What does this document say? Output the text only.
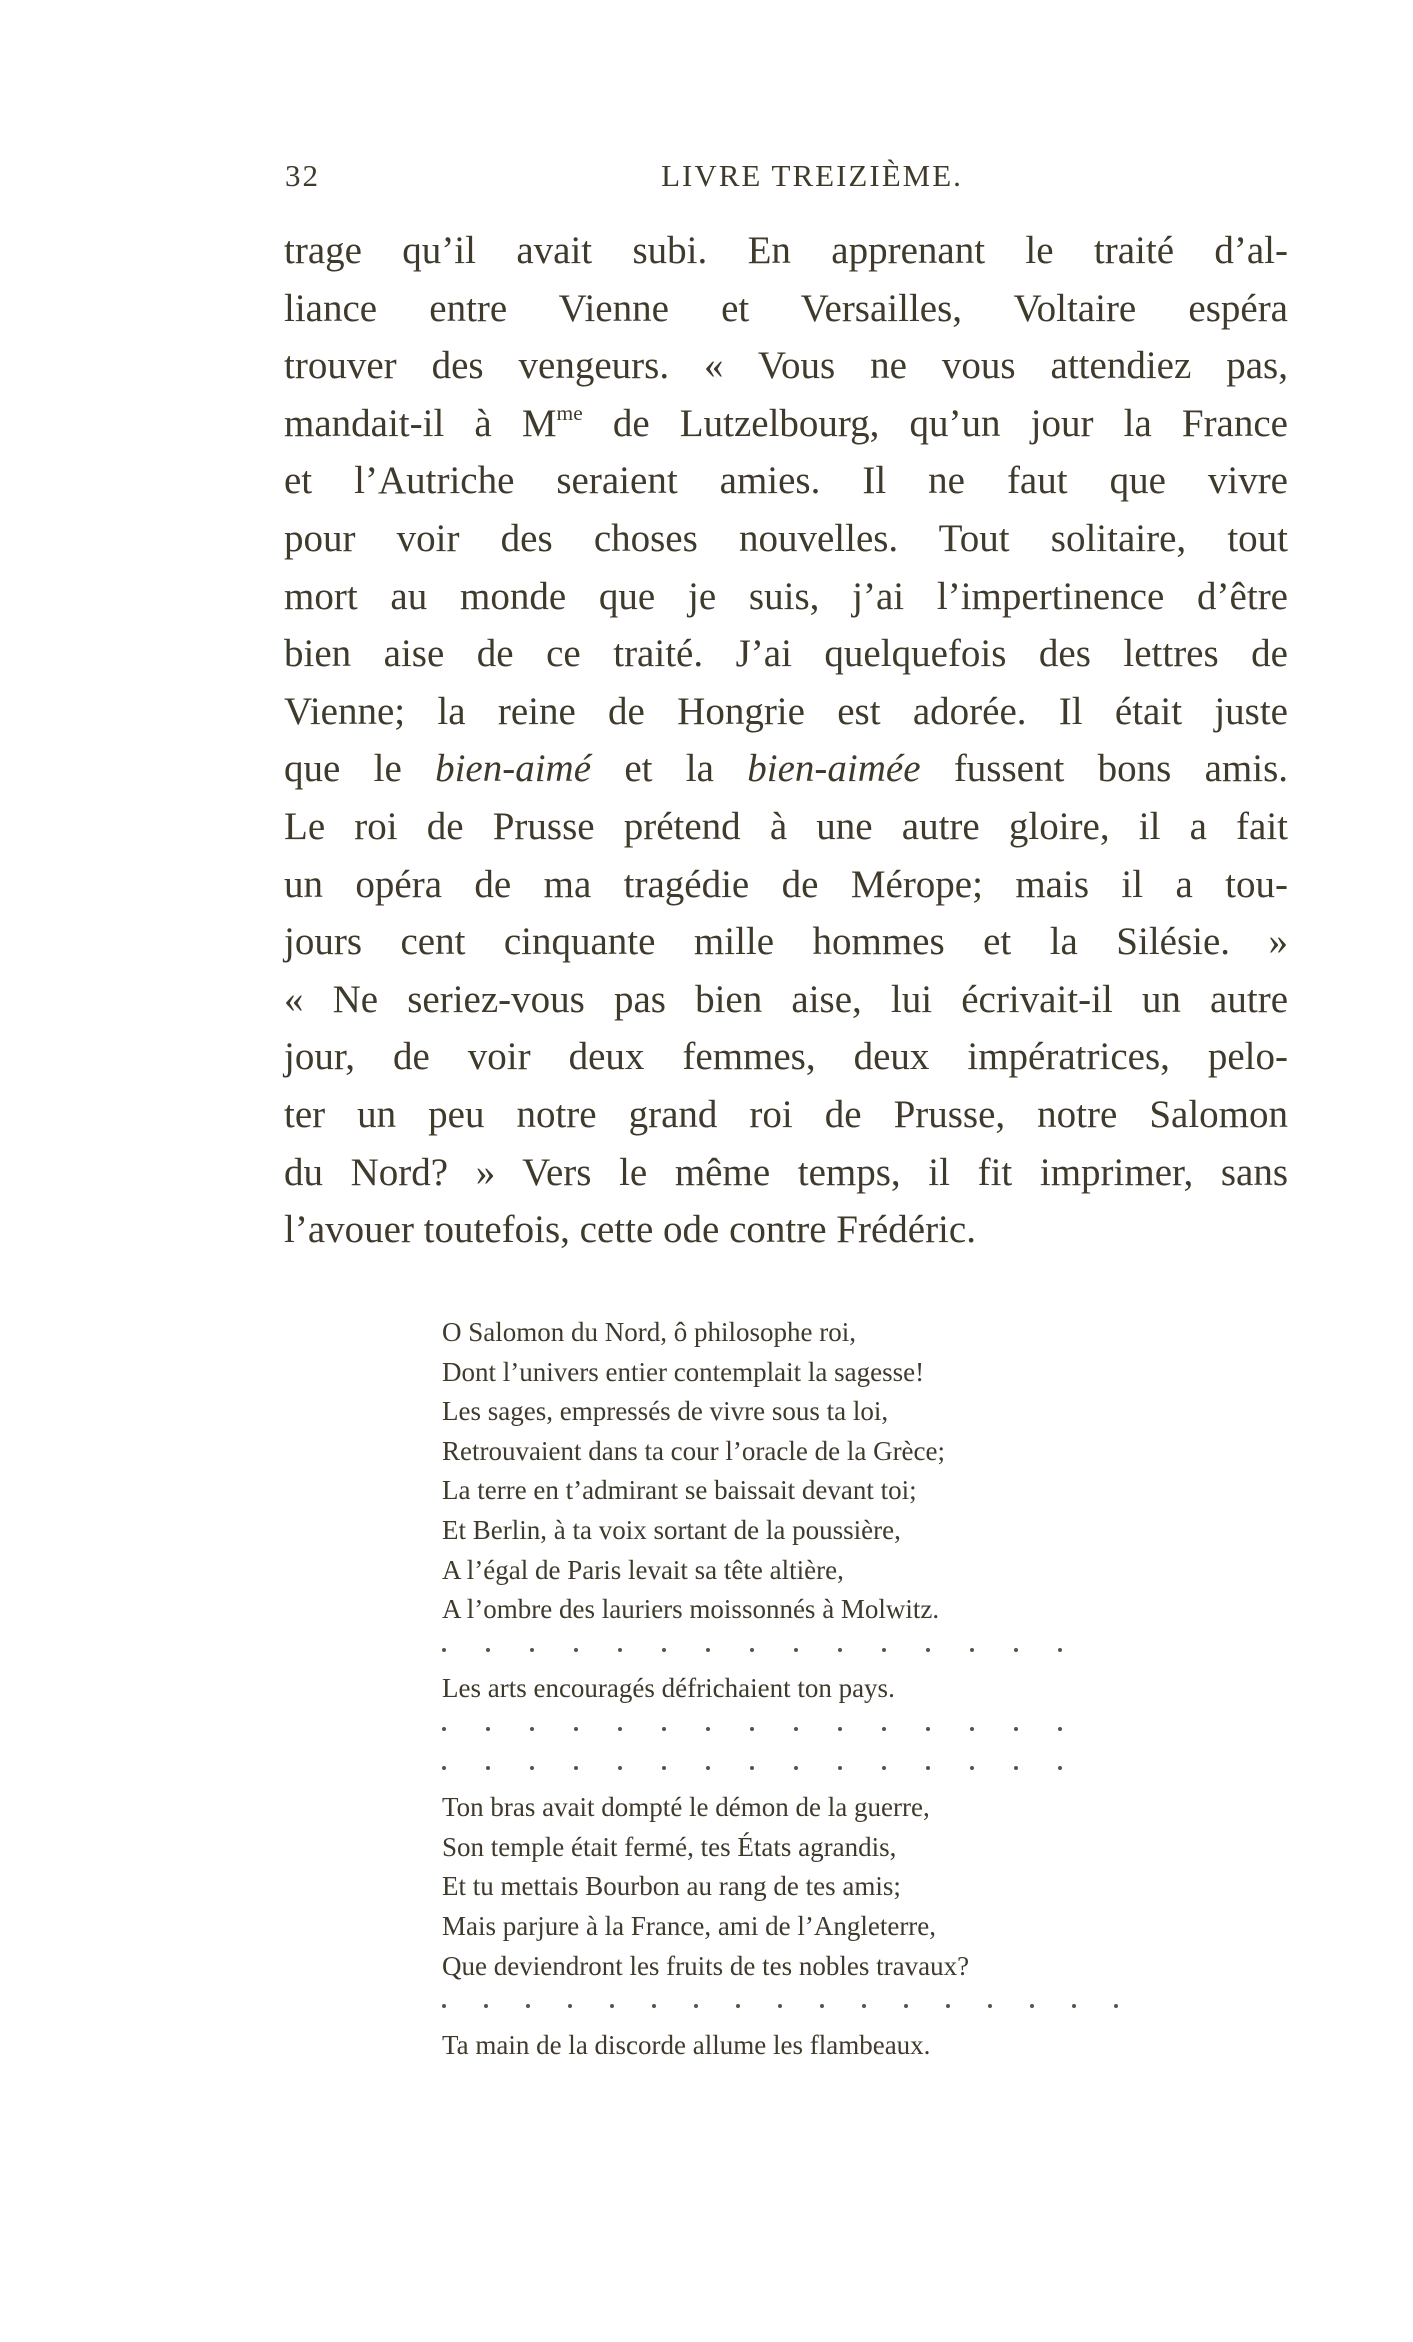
32	LIVRE TREIZIÈME.
trage qu’il avait subi. En apprenant le traité d’al-
liance entre Vienne et Versailles, Voltaire espéra
trouver des vengeurs. « Vous ne vous attendiez pas,
mandait-il à $M^{me}$ de Lutzelbourg, qu’un jour la France
et l’Autriche seraient amies. Il ne faut que vivre
pour voir des choses nouvelles. Tout solitaire, tout
mort au monde que je suis, j’ai l’impertinence d’être
bien aise de ce traité. J’ai quelquefois des lettres de
Vienne; la reine de Hongrie est adorée. Il était juste
que le bien-aimé et la bien-aimée fussent bons amis.
Le roi de Prusse prétend à une autre gloire, il a fait
un opéra de ma tragédie de Mérope; mais il a tou-
jours cent cinquante mille hommes et la Silésie. »
« Ne seriez-vous pas bien aise, lui écrivait-il un autre
jour, de voir deux femmes, deux impératrices, pelo-
ter un peu notre grand roi de Prusse, notre Salomon
du Nord? » Vers le même temps, il fit imprimer, sans
l’avouer toutefois, cette ode contre Frédéric.
O Salomon du Nord, ô philosophe roi,
Dont l’univers entier contemplait la sagesse!
Les sages, empressés de vivre sous ta loi,
Retrouvaient dans ta cour l’oracle de la Grèce;
La terre en t’admirant se baissait devant toi;
Et Berlin, à ta voix sortant de la poussière,
A l’égal de Paris levait sa tête altière,
A l’ombre des lauriers moissonnés à Molwitz.
Les arts encouragés défrichaient ton pays.
Ton bras avait dompté le démon de la guerre,
Son temple était fermé, tes États agrandis,
Et tu mettais Bourbon au rang de tes amis;
Mais parjure à la France, ami de l’Angleterre,
Que deviendront les fruits de tes nobles travaux?
Ta main de la discorde allume les flambeaux.
